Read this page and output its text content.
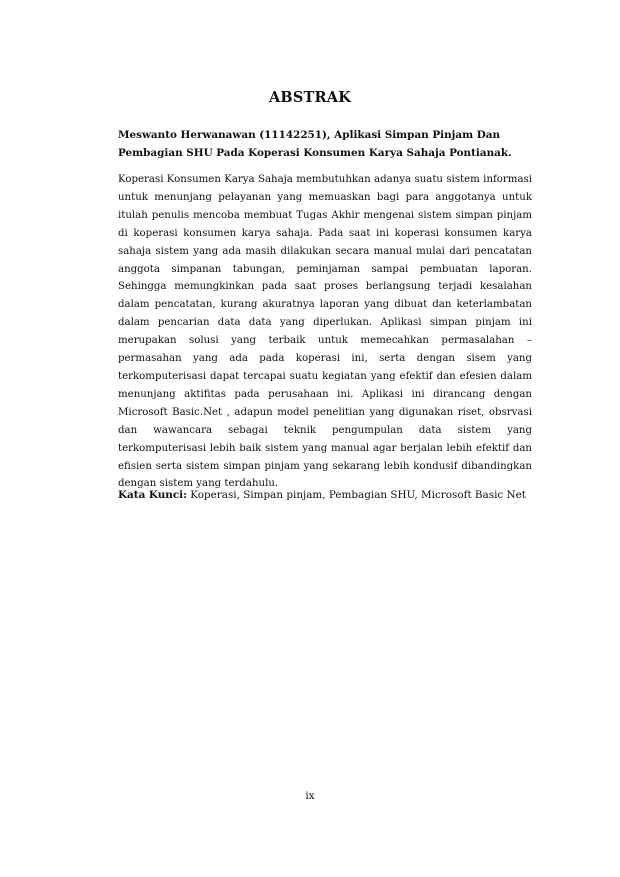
ABSTRAK
Meswanto Herwanawan (11142251), Aplikasi Simpan Pinjam Dan
Pembagian SHU Pada Koperasi Konsumen Karya Sahaja Pontianak.

Koperasi Konsumen Karya Sahaja membutuhkan adanya suatu sistem informasi untuk menunjang pelayanan yang memuaskan bagi para anggotanya untuk itulah penulis mencoba membuat Tugas Akhir mengenai sistem simpan pinjam di koperasi konsumen karya sahaja. Pada saat ini koperasi konsumen karya sahaja sistem yang ada masih dilakukan secara manual mulai dari pencatatan anggota simpanan tabungan, peminjaman sampai pembuatan laporan. Sehingga memungkinkan pada saat proses berlangsung terjadi kesalahan dalam pencatatan, kurang akuratnya laporan yang dibuat dan keterlambatan dalam pencarian data data yang diperlukan. Aplikasi simpan pinjam ini merupakan solusi yang terbaik untuk memecahkan permasalahan – permasahan yang ada pada koperasi ini, serta dengan sisem yang terkomputerisasi dapat tercapai suatu kegiatan yang efektif dan efesien dalam menunjang aktifitas pada perusahaan ini. Aplikasi ini dirancang dengan Microsoft Basic.Net , adapun model penelitian yang digunakan riset, obsrvasi dan wawancara sebagai teknik pengumpulan data sistem yang terkomputerisasi lebih baik sistem yang manual agar berjalan lebih efektif dan efisien serta sistem simpan pinjam yang sekarang lebih kondusif dibandingkan dengan sistem yang terdahulu.

Kata Kunci: Koperasi, Simpan pinjam, Pembagian SHU, Microsoft Basic Net
ix
